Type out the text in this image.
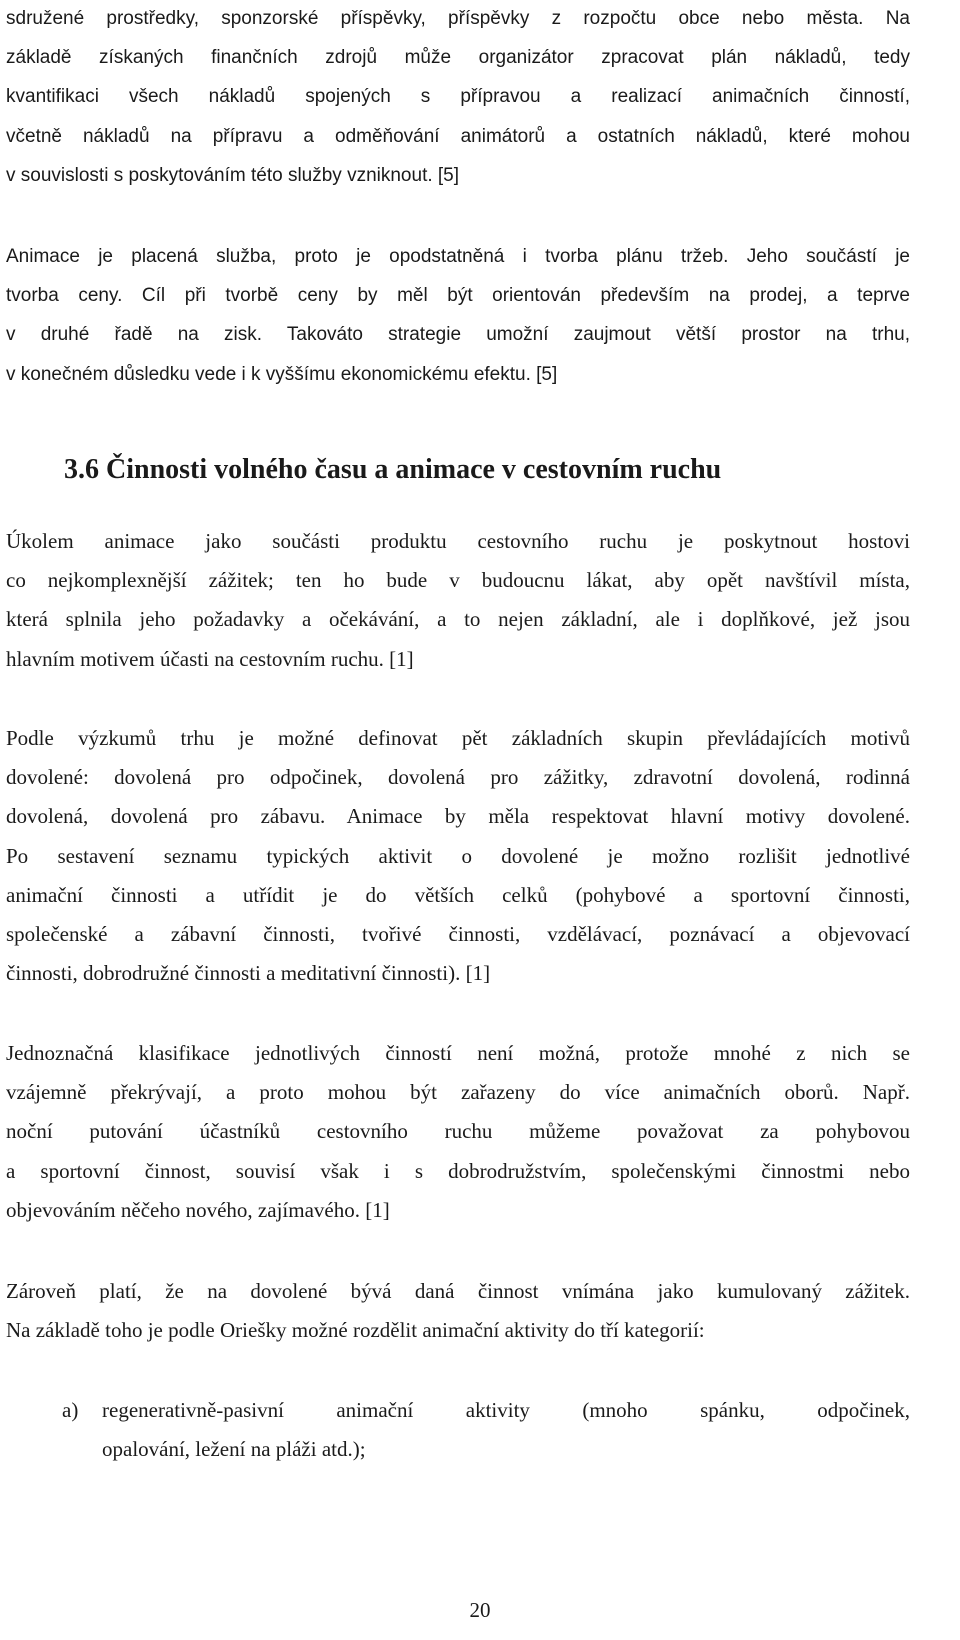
sdružené prostředky, sponzorské příspěvky, příspěvky z rozpočtu obce nebo města. Na
základě získaných finančních zdrojů může organizátor zpracovat plán nákladů, tedy
kvantifikaci všech nákladů spojených s přípravou a realizací animačních činností,
včetně nákladů na přípravu a odměňování animátorů a ostatních nákladů, které mohou
v souvislosti s poskytováním této služby vzniknout. [5]
Animace je placená služba, proto je opodstatněná i tvorba plánu tržeb. Jeho součástí je
tvorba ceny. Cíl při tvorbě ceny by měl být orientován především na prodej, a teprve
v druhé řadě na zisk. Takováto strategie umožní zaujmout větší prostor na trhu,
v konečném důsledku vede i k vyššímu ekonomickému efektu. [5]
3.6 Činnosti volného času a animace v cestovním ruchu
Úkolem animace jako součásti produktu cestovního ruchu je poskytnout hostovi
co nejkomplexnější zážitek; ten ho bude v budoucnu lákat, aby opět navštívil místa,
která splnila jeho požadavky a očekávání, a to nejen základní, ale i doplňkové, jež jsou
hlavním motivem účasti na cestovním ruchu. [1]
Podle výzkumů trhu je možné definovat pět základních skupin převládajících motivů
dovolené: dovolená pro odpočinek, dovolená pro zážitky, zdravotní dovolená, rodinná
dovolená, dovolená pro zábavu. Animace by měla respektovat hlavní motivy dovolené.
Po sestavení seznamu typických aktivit o dovolené je možno rozlišit jednotlivé
animační činnosti a utřídit je do větších celků (pohybové a sportovní činnosti,
společenské a zábavní činnosti, tvořivé činnosti, vzdělávací, poznávací a objevovací
činnosti, dobrodružné činnosti a meditativní činnosti). [1]
Jednoznačná klasifikace jednotlivých činností není možná, protože mnohé z nich se
vzájemně překrývají, a proto mohou být zařazeny do více animačních oborů. Např.
noční putování účastníků cestovního ruchu můžeme považovat za pohybovou
a sportovní činnost, souvisí však i s dobrodružstvím, společenskými činnostmi nebo
objevováním něčeho nového, zajímavého. [1]
Zároveň platí, že na dovolené bývá daná činnost vnímána jako kumulovaný zážitek.
Na základě toho je podle Oriešky možné rozdělit animační aktivity do tří kategorií:
a) regenerativně-pasivní animační aktivity (mnoho spánku, odpočinek,
opalování, ležení na pláži atd.);
20
